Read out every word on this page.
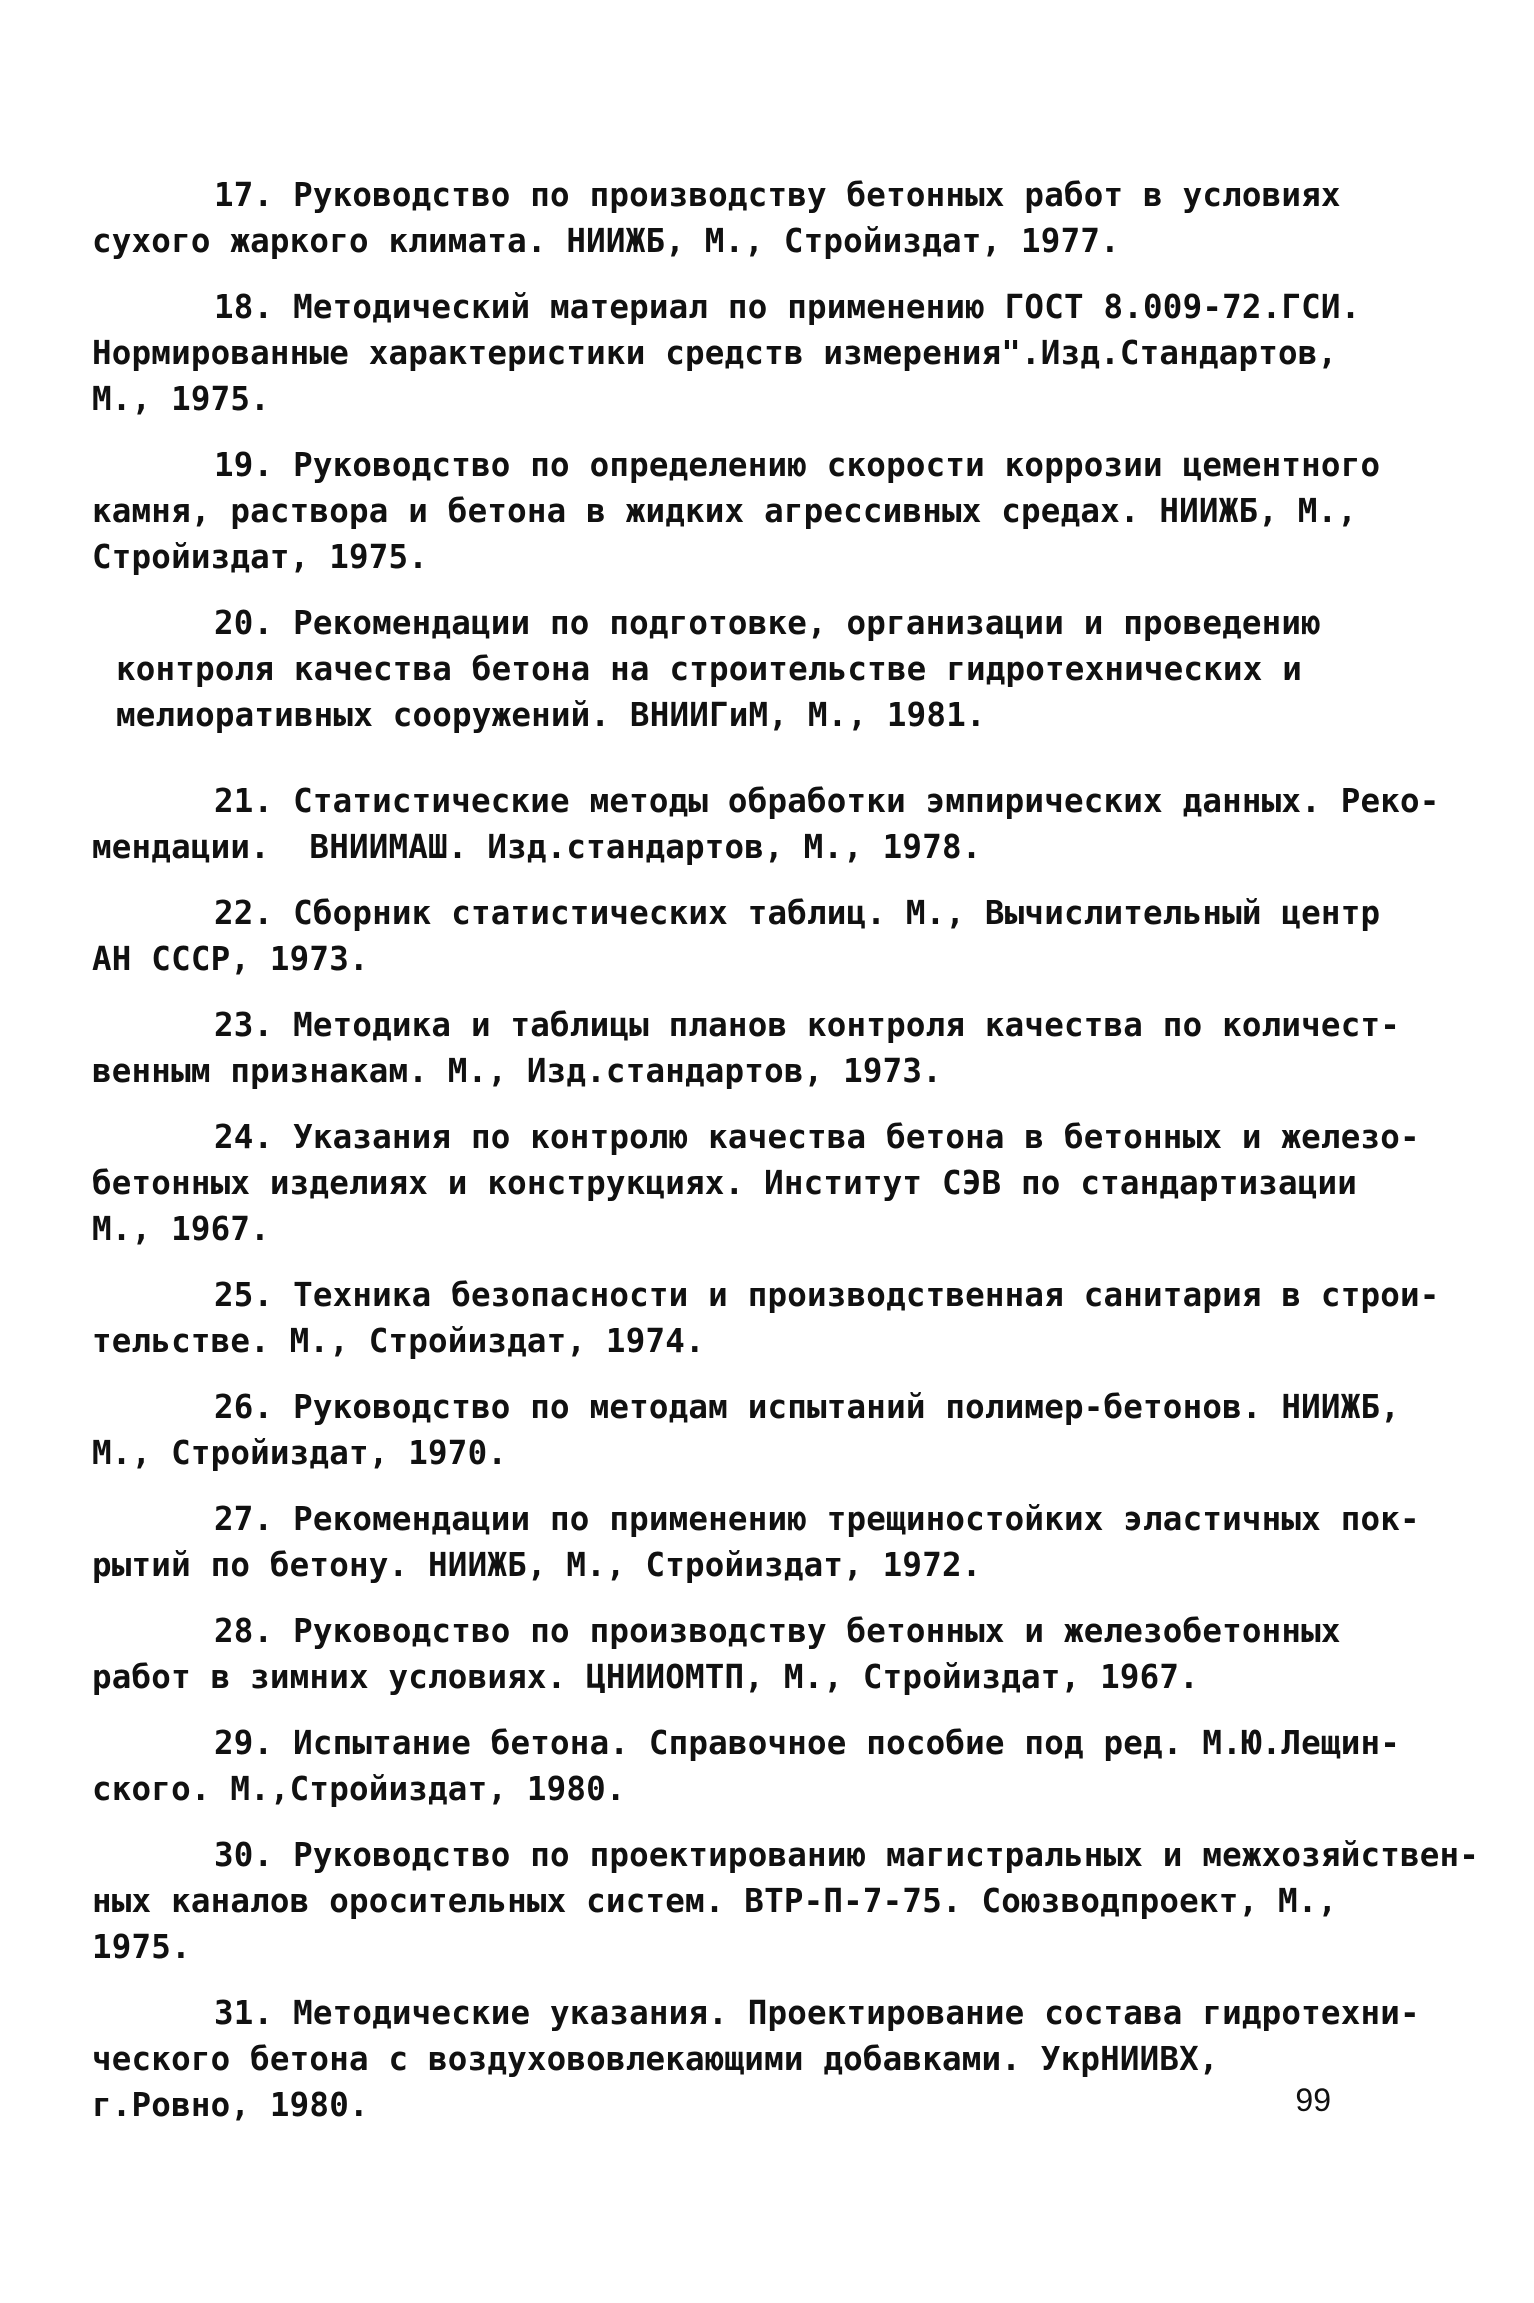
17. Руководство по производству бетонных работ в условиях
сухого жаркого климата. НИИЖБ, М., Стройиздат, 1977.
18. Методический материал по применению ГОСТ 8.009-72.ГСИ.
Нормированные характеристики средств измерения".Изд.Стандартов,
М., 1975.
19. Руководство по определению скорости коррозии цементного
камня, раствора и бетона в жидких агрессивных средах. НИИЖБ, М.,
Стройиздат, 1975.
20. Рекомендации по подготовке, организации и проведению
контроля качества бетона на строительстве гидротехнических и
мелиоративных сооружений. ВНИИГиМ, М., 1981.
21. Статистические методы обработки эмпирических данных. Реко-
мендации.  ВНИИМАШ. Изд.стандартов, М., 1978.
22. Сборник статистических таблиц. М., Вычислительный центр
АН СССР, 1973.
23. Методика и таблицы планов контроля качества по количест-
венным признакам. М., Изд.стандартов, 1973.
24. Указания по контролю качества бетона в бетонных и железо-
бетонных изделиях и конструкциях. Институт СЭВ по стандартизации
М., 1967.
25. Техника безопасности и производственная санитария в строи-
тельстве. М., Стройиздат, 1974.
26. Руководство по методам испытаний полимер-бетонов. НИИЖБ,
М., Стройиздат, 1970.
27. Рекомендации по применению трещиностойких эластичных пок-
рытий по бетону. НИИЖБ, М., Стройиздат, 1972.
28. Руководство по производству бетонных и железобетонных
работ в зимних условиях. ЦНИИОМТП, М., Стройиздат, 1967.
29. Испытание бетона. Справочное пособие под ред. М.Ю.Лещин-
ского. М.,Стройиздат, 1980.
30. Руководство по проектированию магистральных и межхозяйствен-
ных каналов оросительных систем. ВТР-П-7-75. Союзводпроект, М.,
1975.
31. Методические указания. Проектирование состава гидротехни-
ческого бетона с воздухововлекающими добавками. УкрНИИВХ,
г.Ровно, 1980.	99
